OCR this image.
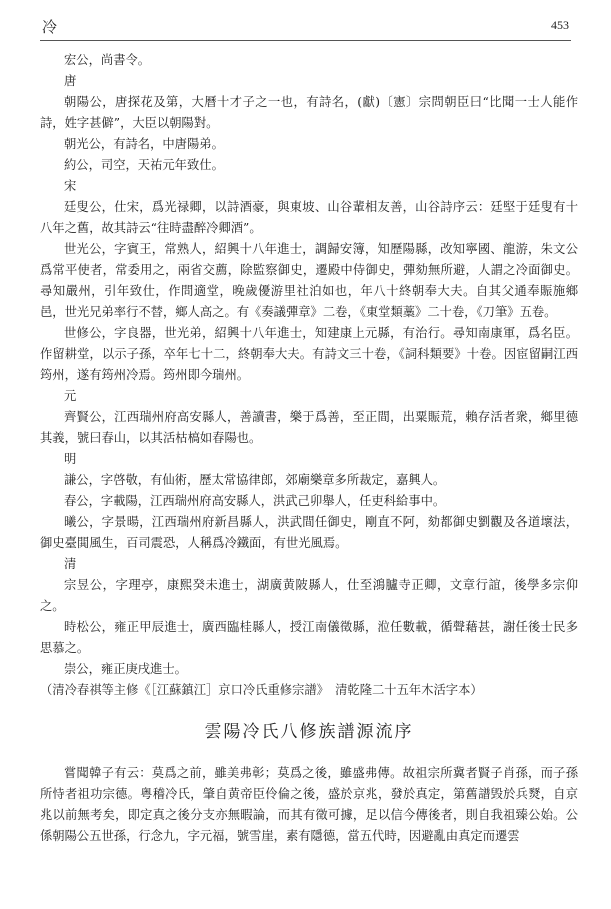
冷	453

宏公，尚書令。

唐

朝陽公，唐探花及第，大曆十才子之一也，有詩名，(獻)〔憲〕宗問朝臣曰“比聞一士人能作詩，姓字甚僻”，大臣以朝陽對。

朝光公，有詩名，中唐陽弟。

約公，司空，天祐元年致仕。

宋

廷叟公，仕宋，爲光禄卿，以詩酒豪，與東坡、山谷輩相友善，山谷詩序云：廷堅于廷叟有十八年之舊，故其詩云“往時盡醉冷卿酒”。

世光公，字賓王，常熟人，紹興十八年進士，調歸安簿，知歷陽縣，改知寧國、龍游，朱文公爲常平使者，常委用之，兩省交薦，除監察御史，遷殿中侍御史，彈劾無所避，人謂之冷面御史。尋知嚴州，引年致仕，作問適堂，晚歲優游里社泊如也，年八十終朝奉大夫。自其父通奉賑施鄉邑，世光兄弟率行不替，鄉人高之。有《奏議彈章》二卷，《東堂類藁》二十卷，《刀筆》五卷。

世修公，字良器，世光弟，紹興十八年進士，知建康上元縣，有治行。尋知南康軍，爲名臣。作留耕堂，以示子孫，卒年七十二，終朝奉大夫。有詩文三十卷，《詞科類要》十卷。因宦留嗣江西筠州，遂有筠州冷焉。筠州即今瑞州。

元

齊賢公，江西瑞州府高安縣人，善讀書，樂于爲善，至正間，出粟賑荒，賴存活者衆，鄉里德其義，號曰春山，以其活枯槁如春陽也。

明

謙公，字啓敬，有仙術，歷太常協律郎，郊廟樂章多所裁定，嘉興人。

春公，字載陽，江西瑞州府高安縣人，洪武己卯舉人，任吏科給事中。

曦公，字景暘，江西瑞州府新昌縣人，洪武間任御史，剛直不阿，劾都御史劉觀及各道壞法，御史臺閧風生，百司震恐，人稱爲冷鐵面，有世光風焉。

清

宗昱公，字理亭，康熙癸未進士，湖廣黄陂縣人，仕至鴻臚寺正卿，文章行誼，後學多宗仰之。

時松公，雍正甲辰進士，廣西臨桂縣人，授江南儀徵縣，涖任數載，循聲藉甚，謝任後士民多思慕之。

崇公，雍正庚戌進士。

（清冷春祺等主修《［江蘇鎮江］京口冷氏重修宗譜》　清乾隆二十五年木活字本）

雲陽冷氏八修族譜源流序

嘗聞韓子有云：莫爲之前，雖美弗彰；莫爲之後，雖盛弗傳。故祖宗所冀者賢子肖孫，而子孫所恃者祖功宗德。粤稽冷氏，肇自黄帝臣伶倫之後，盛於京兆，發於真定，第舊譜毁於兵燹，自京兆以前無考矣，即定真之後分支亦無暇論，而其有徵可據，足以信今傳後者，則自我祖臻公始。公係朝陽公五世孫，行念九，字元福，號雪崖，素有隱德，當五代時，因避亂由真定而遷雲
